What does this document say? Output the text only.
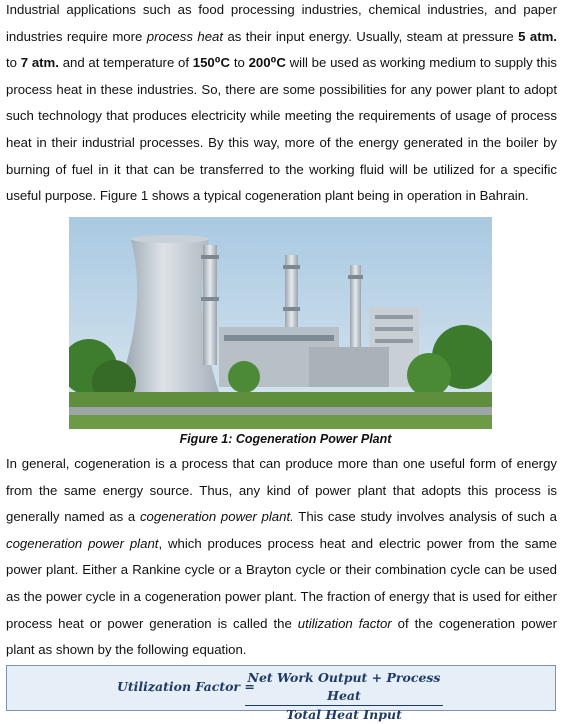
Industrial applications such as food processing industries, chemical industries, and paper industries require more process heat as their input energy. Usually, steam at pressure 5 atm. to 7 atm. and at temperature of 150⁰C to 200⁰C will be used as working medium to supply this process heat in these industries. So, there are some possibilities for any power plant to adopt such technology that produces electricity while meeting the requirements of usage of process heat in their industrial processes. By this way, more of the energy generated in the boiler by burning of fuel in it that can be transferred to the working fluid will be utilized for a specific useful purpose. Figure 1 shows a typical cogeneration plant being in operation in Bahrain.

Figure 1: Cogeneration Power Plant

In general, cogeneration is a process that can produce more than one useful form of energy from the same energy source. Thus, any kind of power plant that adopts this process is generally named as a cogeneration power plant. This case study involves analysis of such a cogeneration power plant, which produces process heat and electric power from the same power plant. Either a Rankine cycle or a Brayton cycle or their combination cycle can be used as the power cycle in a cogeneration power plant. The fraction of energy that is used for either process heat or power generation is called the utilization factor of the cogeneration power plant as shown by the following equation.

Utilization Factor =
Net Work Output + Process Heat
Total Heat Input
